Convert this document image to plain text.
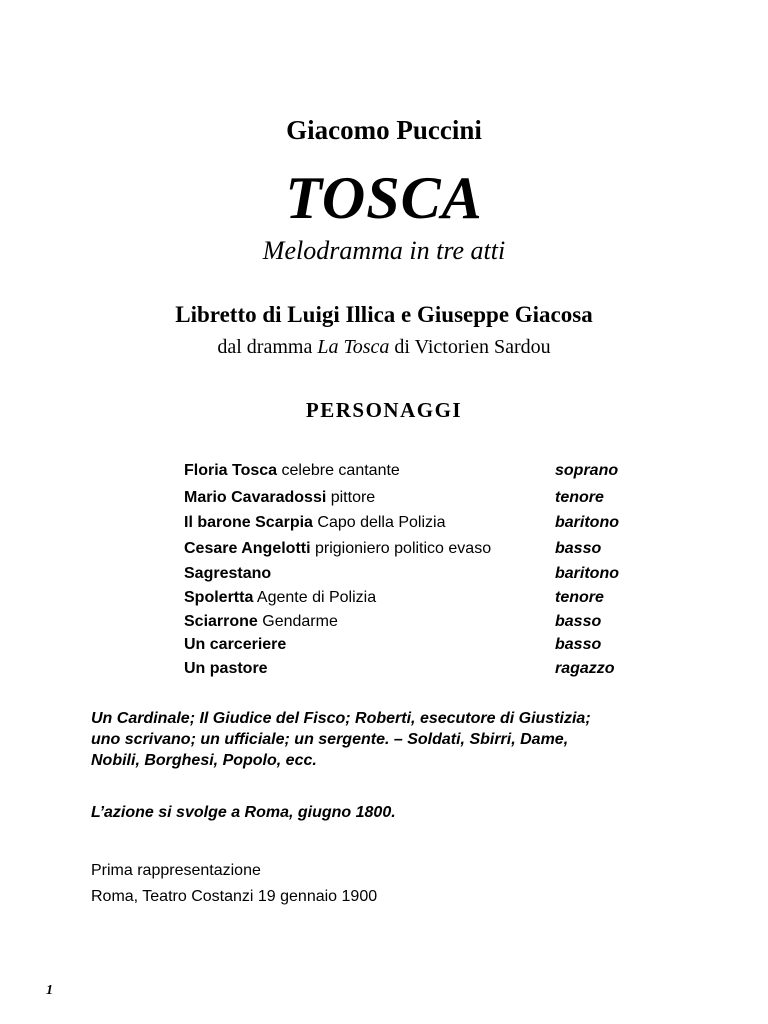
Giacomo Puccini
TOSCA
Melodramma in tre atti
Libretto di Luigi Illica e Giuseppe Giacosa
dal dramma La Tosca di Victorien Sardou
PERSONAGGI
Floria Tosca celebre cantante	soprano
Mario Cavaradossi pittore	tenore
Il barone Scarpia Capo della Polizia	baritono
Cesare Angelotti prigioniero politico evaso	basso
Sagrestano	baritono
Spolertta Agente di Polizia	tenore
Sciarrone Gendarme	basso
Un carceriere	basso
Un pastore	ragazzo
Un Cardinale; Il Giudice del Fisco; Roberti, esecutore di Giustizia;
uno scrivano; un ufficiale; un sergente. – Soldati, Sbirri, Dame,
Nobili, Borghesi, Popolo, ecc.
L’azione si svolge a Roma, giugno 1800.
Prima rappresentazione
Roma, Teatro Costanzi 19 gennaio 1900
1
